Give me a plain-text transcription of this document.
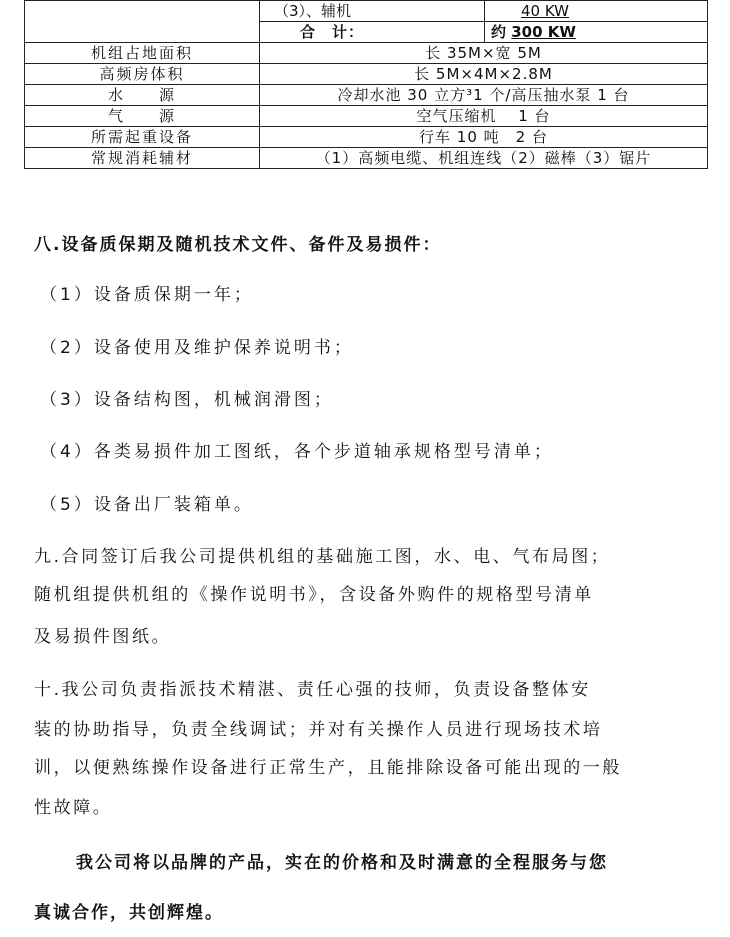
	（3）、辅机	　　40 KW
	合　计：	约 300 KW
机组占地面积	长 35M×宽 5M	
高频房体积	长 5M×4M×2.8M	
水　　源	冷却水池 30 立方³1 个/高压抽水泵 1 台	
气　　源	空气压缩机　 1 台	
所需起重设备	行车 10 吨　2 台	
常规消耗辅材	（1）高频电缆、机组连线（2）磁棒（3）锯片	
八.设备质保期及随机技术文件、备件及易损件：
（1）设备质保期一年；
（2）设备使用及维护保养说明书；
（3）设备结构图，机械润滑图；
（4）各类易损件加工图纸，各个步道轴承规格型号清单；
（5）设备出厂装箱单。
九.合同签订后我公司提供机组的基础施工图，水、电、气布局图；
随机组提供机组的《操作说明书》，含设备外购件的规格型号清单
及易损件图纸。
十.我公司负责指派技术精湛、责任心强的技师，负责设备整体安
装的协助指导，负责全线调试；并对有关操作人员进行现场技术培
训，以便熟练操作设备进行正常生产，且能排除设备可能出现的一般
性故障。
我公司将以品牌的产品，实在的价格和及时满意的全程服务与您
真诚合作，共创辉煌。
